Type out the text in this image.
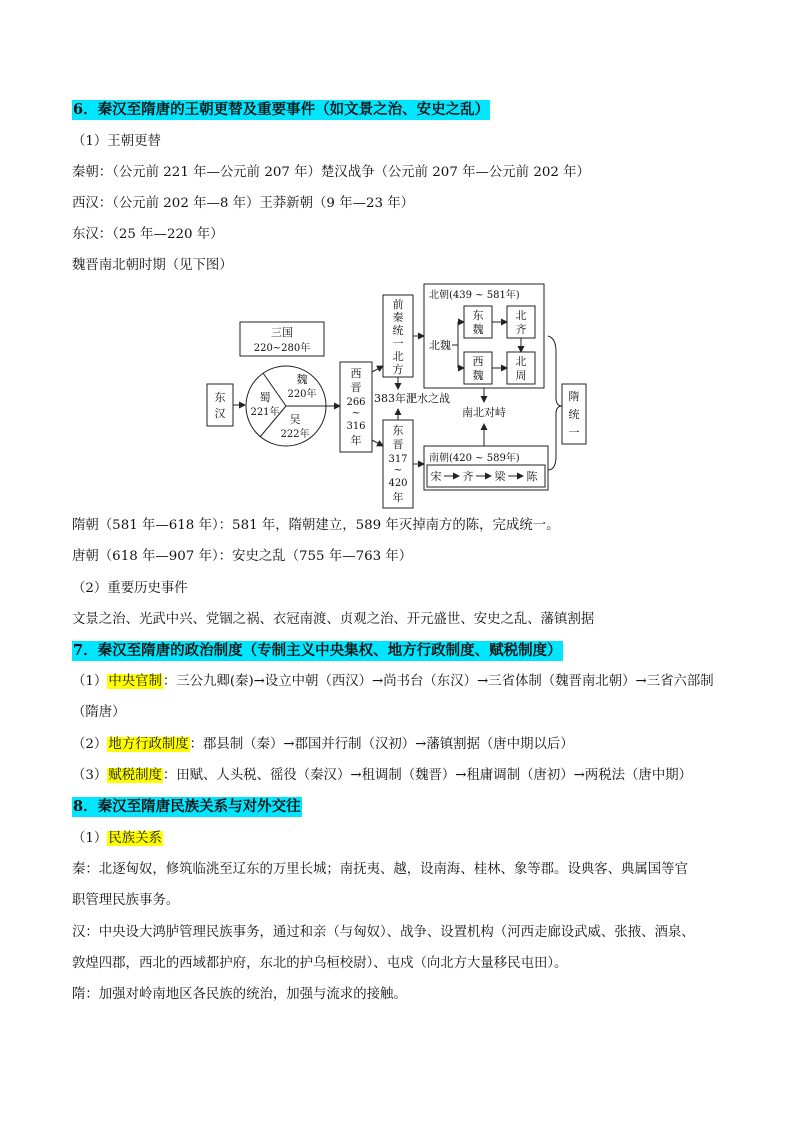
6．秦汉至隋唐的王朝更替及重要事件（如文景之治、安史之乱）
（1）王朝更替
秦朝：（公元前 221 年—公元前 207 年）楚汉战争（公元前 207 年—公元前 202 年）
西汉：（公元前 202 年—8 年）王莽新朝（9 年—23 年）
东汉：（25 年—220 年）
魏晋南北朝时期（见下图）
三国
220~280年
东
汉
魏
220年
蜀
221年
吴
222年
西
晋
266
~
316
年
前
秦
统
一
北
方
383年淝水之战
东
晋
317
~
420
年
北朝(439 ~ 581年)
北魏
东
魏
北
齐
西
魏
北
周
南北对峙
南朝(420 ~ 589年)
宋 齐 梁 陈
隋
统
一
隋朝（581 年—618 年）：581 年，隋朝建立，589 年灭掉南方的陈，完成统一。
唐朝（618 年—907 年）：安史之乱（755 年—763 年）
（2）重要历史事件
文景之治、光武中兴、党锢之祸、衣冠南渡、贞观之治、开元盛世、安史之乱、藩镇割据
7．秦汉至隋唐的政治制度（专制主义中央集权、地方行政制度、赋税制度）
（1）中央官制：三公九卿(秦)→设立中朝（西汉）→尚书台（东汉）→三省体制（魏晋南北朝）→三省六部制
（隋唐）
（2）地方行政制度：郡县制（秦）→郡国并行制（汉初）→藩镇割据（唐中期以后）
（3）赋税制度：田赋、人头税、徭役（秦汉）→租调制（魏晋）→租庸调制（唐初）→两税法（唐中期）
8．秦汉至隋唐民族关系与对外交往
（1）民族关系
秦：北逐匈奴，修筑临洮至辽东的万里长城；南抚夷、越，设南海、桂林、象等郡。设典客、典属国等官
职管理民族事务。
汉：中央设大鸿胪管理民族事务，通过和亲（与匈奴）、战争、设置机构（河西走廊设武威、张掖、酒泉、
敦煌四郡，西北的西域都护府，东北的护乌桓校尉）、屯戍（向北方大量移民屯田）。
隋：加强对岭南地区各民族的统治，加强与流求的接触。
